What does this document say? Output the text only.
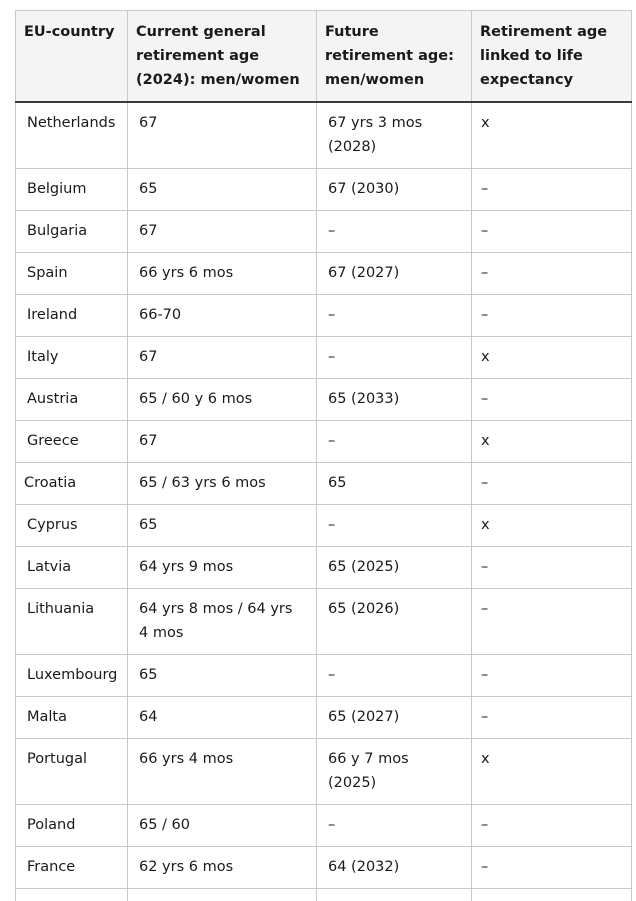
EU-country	Current general retirement age (2024): men/women	Future retirement age: men/women	Retirement age linked to life expectancy
Netherlands	67	67 yrs 3 mos (2028)	x
Belgium	65	67 (2030)	–
Bulgaria	67	–	–
Spain	66 yrs 6 mos	67 (2027)	–
Ireland	66-70	–	–
Italy	67	–	x
Austria	65 / 60 y 6 mos	65 (2033)	–
Greece	67	–	x
Croatia	65 / 63 yrs 6 mos	65	–
Cyprus	65	–	x
Latvia	64 yrs 9 mos	65 (2025)	–
Lithuania	64 yrs 8 mos / 64 yrs 4 mos	65 (2026)	–
Luxembourg	65	–	–
Malta	64	65 (2027)	–
Portugal	66 yrs 4 mos	66 y 7 mos (2025)	x
Poland	65 / 60	–	–
France	62 yrs 6 mos	64 (2032)	–
